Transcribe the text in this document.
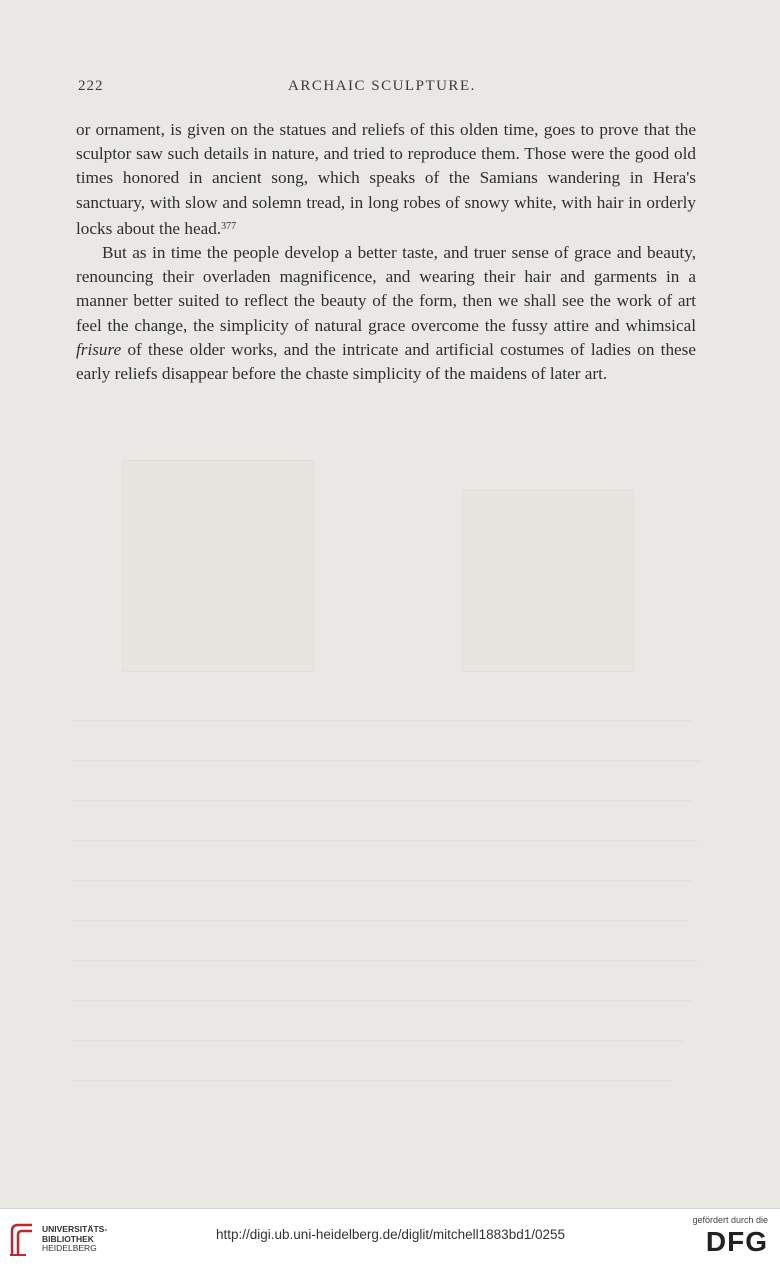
222	ARCHAIC SCULPTURE.

or ornament, is given on the statues and reliefs of this olden time, goes to prove that the sculptor saw such details in nature, and tried to reproduce them. Those were the good old times honored in ancient song, which speaks of the Samians wandering in Hera's sanctuary, with slow and solemn tread, in long robes of snowy white, with hair in orderly locks about the head.$^{377}$

But as in time the people develop a better taste, and truer sense of grace and beauty, renouncing their overladen magnificence, and wearing their hair and garments in a manner better suited to reflect the beauty of the form, then we shall see the work of art feel the change, the simplicity of natural grace overcome the fussy attire and whimsical frisure of these older works, and the intricate and artificial costumes of ladies on these early reliefs disappear before the chaste simplicity of the maidens of later art.

UNIVERSITÄTS-
BIBLIOTHEK
HEIDELBERG
http://digi.ub.uni-heidelberg.de/diglit/mitchell1883bd1/0255
gefördert durch die
DFG
